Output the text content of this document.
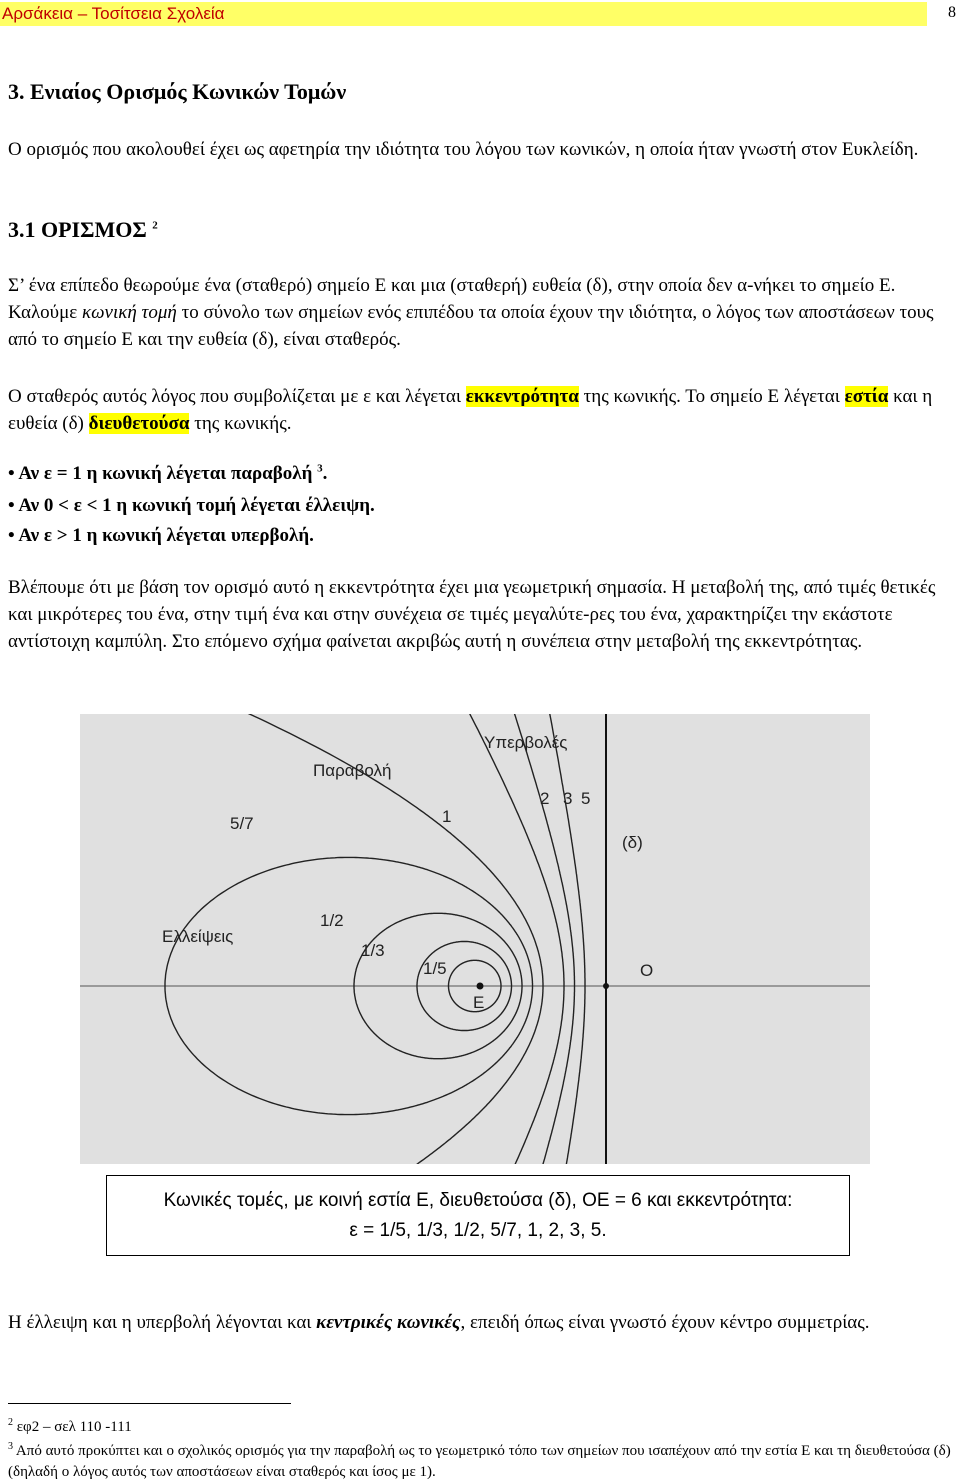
Αρσάκεια – Τοσίτσεια Σχολεία	8
3. Ενιαίος Ορισμός Κωνικών Τομών

Ο ορισμός που ακολουθεί έχει ως αφετηρία την ιδιότητα του λόγου των κωνικών, η οποία ήταν γνωστή στον Ευκλείδη.

3.1 ΟΡΙΣΜΟΣ $^2$

Σ’ ένα επίπεδο θεωρούμε ένα (σταθερό) σημείο Ε και μια (σταθερή) ευθεία (δ), στην οποία δεν α-νήκει το σημείο Ε. Καλούμε κωνική τομή το σύνολο των σημείων ενός επιπέδου τα οποία έχουν την ιδιότητα, ο λόγος των αποστάσεων τους από το σημείο Ε και την ευθεία (δ), είναι σταθερός.

Ο σταθερός αυτός λόγος που συμβολίζεται με ε και λέγεται εκκεντρότητα της κωνικής. Το σημείο Ε λέγεται εστία και η ευθεία (δ) διευθετούσα της κωνικής.

• Αν ε = 1 η κωνική λέγεται παραβολή $^3$.

• Αν 0 < ε < 1 η κωνική τομή λέγεται έλλειψη.

• Αν ε > 1 η κωνική λέγεται υπερβολή.

Βλέπουμε ότι με βάση τον ορισμό αυτό η εκκεντρότητα έχει μια γεωμετρική σημασία. Η μεταβολή της, από τιμές θετικές και μικρότερες του ένα, στην τιμή ένα και στην συνέχεια σε τιμές μεγαλύτε-ρες του ένα, χαρακτηρίζει την εκάστοτε αντίστοιχη καμπύλη. Στο επόμενο σχήμα φαίνεται ακριβώς αυτή η συνέπεια στην μεταβολή της εκκεντρότητας.

Υπερβολές
Παραβολή
Ελλείψεις
(δ)
Ε
Ο
5/7	1
2 3 5
1/2
1/3
1/5
Κωνικές τομές, με κοινή εστία Ε, διευθετούσα (δ), ΟΕ = 6 και εκκεντρότητα:
ε = 1/5, 1/3, 1/2, 5/7, 1, 2, 3, 5.

Η έλλειψη και η υπερβολή λέγονται και κεντρικές κωνικές, επειδή όπως είναι γνωστό έχουν κέντρο συμμετρίας.

$^2$ εφ2 – σελ 110 -111
$^3$ Από αυτό προκύπτει και ο σχολικός ορισμός για την παραβολή ως το γεωμετρικό τόπο των σημείων που ισαπέχουν από την εστία Ε και τη διευθετούσα (δ) (δηλαδή ο λόγος αυτός των αποστάσεων είναι σταθερός και ίσος με 1).
